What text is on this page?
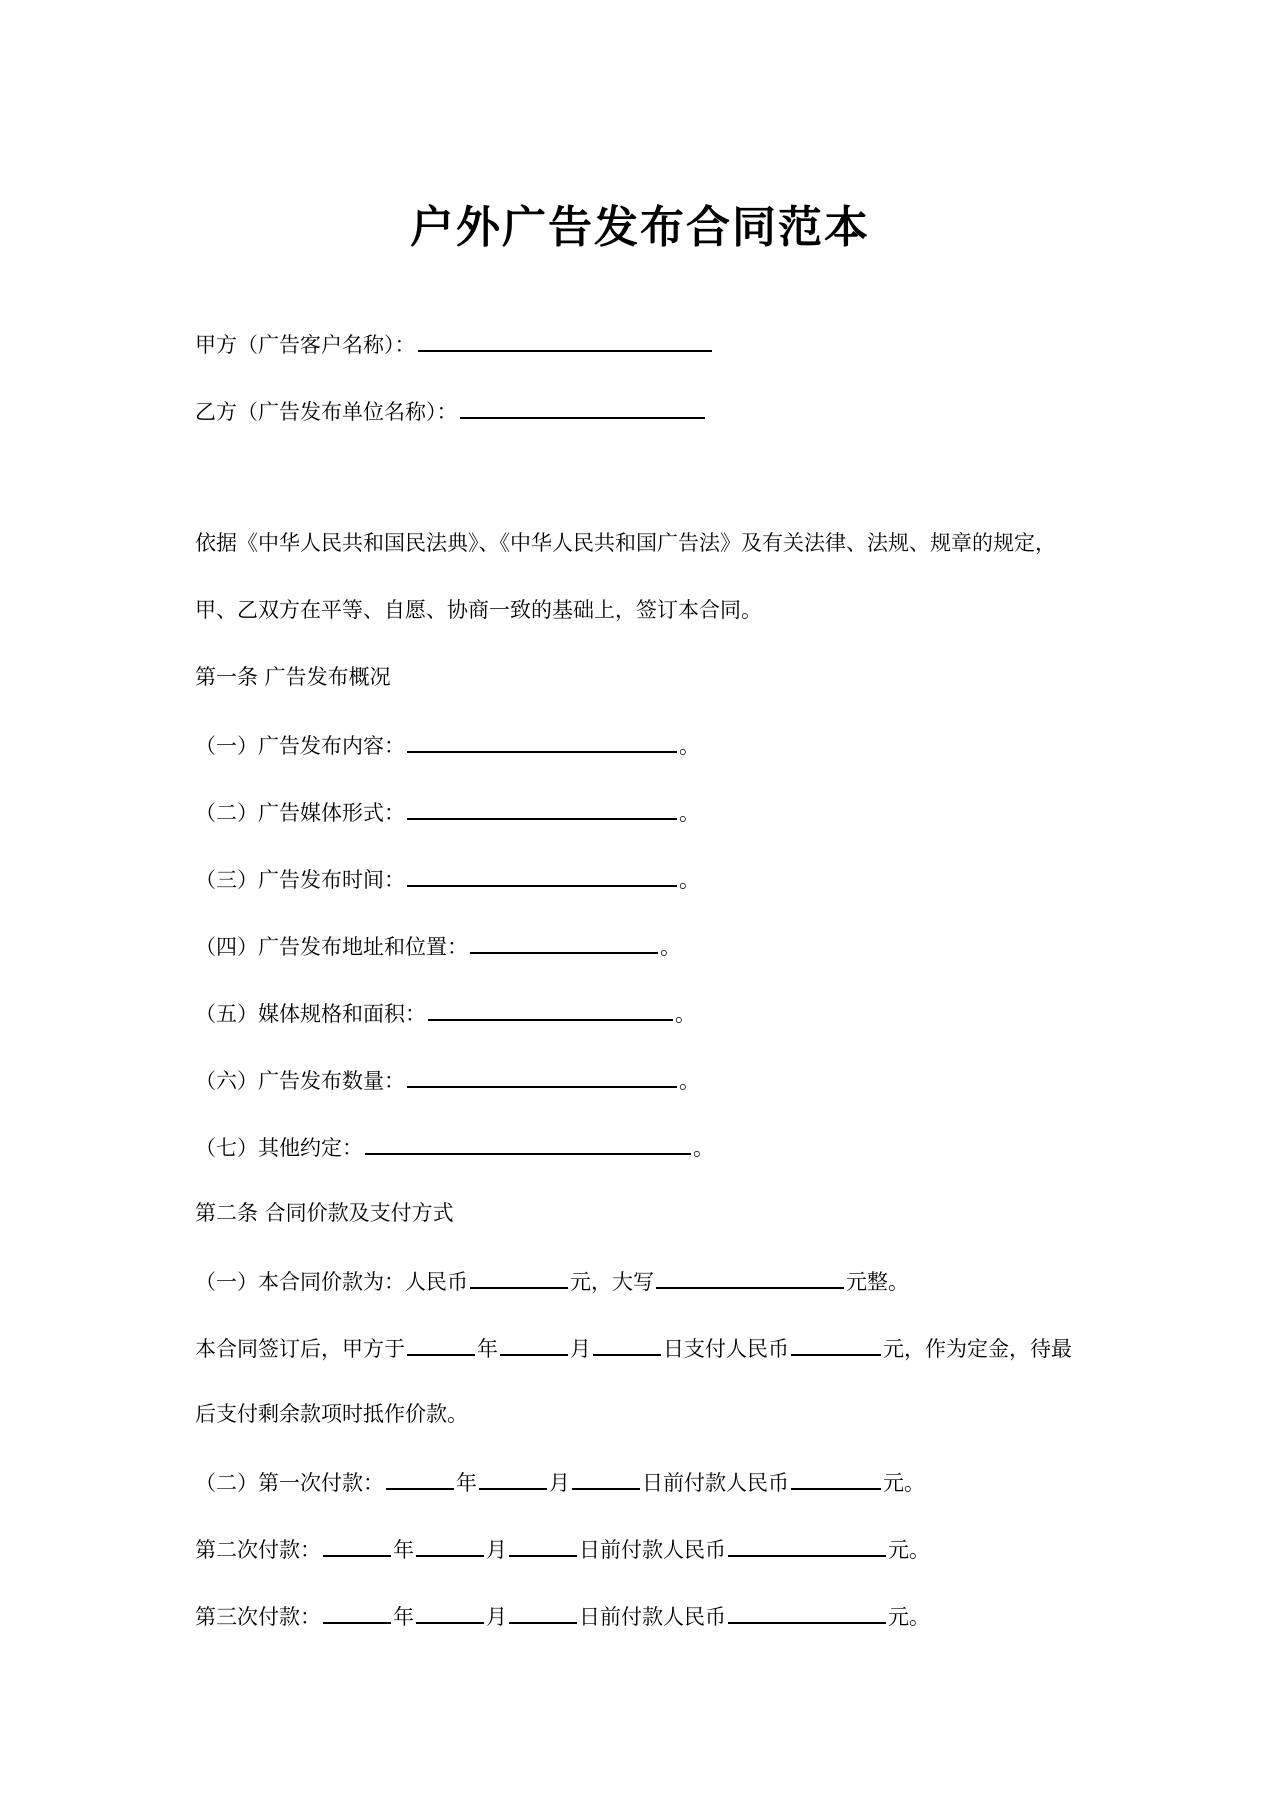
户外广告发布合同范本
甲方（广告客户名称）：
乙方（广告发布单位名称）：
依据《中华人民共和国民法典》、《中华人民共和国广告法》及有关法律、法规、规章的规定，
甲、乙双方在平等、自愿、协商一致的基础上，签订本合同。
第一条 广告发布概况
（一）广告发布内容：	。
（二）广告媒体形式：	。
（三）广告发布时间：	。
（四）广告发布地址和位置：	。
（五）媒体规格和面积：	。
（六）广告发布数量：	。
（七）其他约定：	。
第二条 合同价款及支付方式
（一）本合同价款为：人民币	元，大写	元整。
本合同签订后，甲方于	年	月	日支付人民币	元，作为定金，待最
后支付剩余款项时抵作价款。
（二）第一次付款：	年	月	日前付款人民币	元。
第二次付款：	年	月	日前付款人民币	元。
第三次付款：	年	月	日前付款人民币	元。
